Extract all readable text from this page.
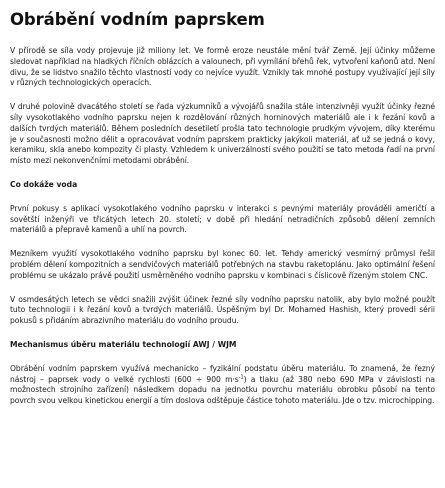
Obrábění vodním paprskem

V přírodě se síla vody projevuje již miliony let. Ve formě eroze neustále mění tvář Země. Její účinky můžeme sledovat například na hladkých říčních oblázcích a valounech, při vymílání břehů řek, vytvoření kaňonů atd. Není divu, že se lidstvo snažilo těchto vlastností vody co nejvíce využít. Vznikly tak mnohé postupy využívající její síly v různých technologických operacích.

V druhé polovině dvacátého století se řada výzkumníků a vývojářů snažila stále intenzivněji využít účinky řezné síly vysokotlakého vodního paprsku nejen k rozdělování různých horninových materiálů ale i k řezání kovů a dalších tvrdých materiálů. Během posledních desetiletí prošla tato technologie prudkým vývojem, díky kterému je v současnosti možno dělit a opracovávat vodním paprskem prakticky jakýkoli materiál, ať už se jedná o kovy, keramiku, skla anebo kompozity či plasty. Vzhledem k univerzálnosti svého použití se tato metoda řadí na první místo mezi nekonvenčními metodami obrábění.

Co dokáže voda

První pokusy s aplikací vysokotlakého vodního paprsku v interakci s pevnými materiály prováděli američtí a sovětští inženýři ve třicátých letech 20. století; v době při hledání netradičních způsobů dělení zemních materiálů a přepravě kamenů a uhlí na povrch.

Mezníkem využití vysokotlakého vodního paprsku byl konec 60. let. Tehdy americký vesmírný průmysl řešil problém dělení kompozitních a sendvičových materiálů potřebných na stavbu raketoplánu. Jako optimální řešení problému se ukázalo právě použití usměrněného vodního paprsku v kombinaci s číslicově řízeným stolem CNC.

V osmdesátých letech se vědci snažili zvýšit účinek řezné síly vodního paprsku natolik, aby bylo možné použít tuto technologii i k řezání kovů a tvrdých materiálů. Úspěšným byl Dr. Mohamed Hashish, který provedl sérii pokusů s přidáním abrazivního materiálu do vodního proudu.

Mechanismus úběru materiálu technologií AWJ / WJM

Obrábění vodním paprskem využívá mechanicko – fyzikální podstatu úběru materiálu. To znamená, že řezný nástroj – paprsek vody o velké rychlosti (600 ÷ 900 $m\cdot s^{-1}$) a tlaku (až 380 nebo 690 MPa v závislosti na možnostech strojního zařízení) následkem dopadu na jednotku povrchu materiálu obrobku působí na tento povrch svou velkou kinetickou energií a tím doslova odštěpuje částice tohoto materiálu. Jde o tzv. microchipping.
